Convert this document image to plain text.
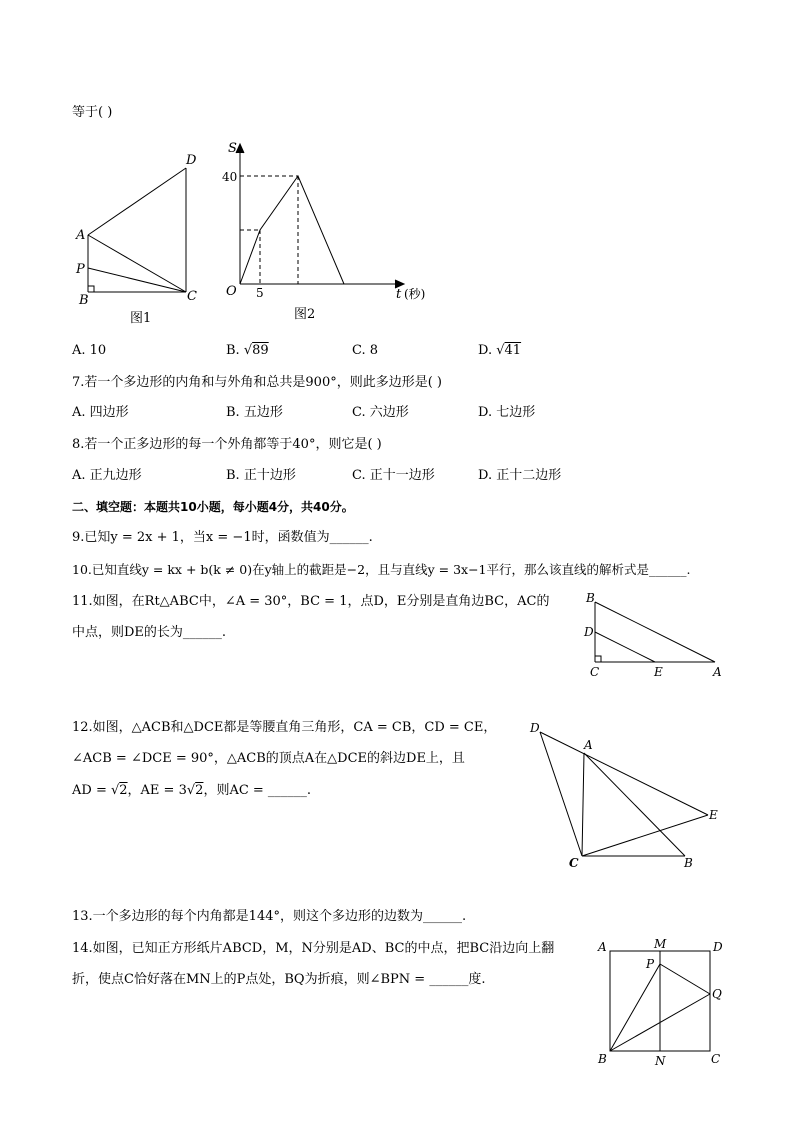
等于( )
D
A
P
B	C
图1
S
40
O 5	t (秒)
图2
A. 10	B. √89	C. 8	D. √41
7.若一个多边形的内角和与外角和总共是900°，则此多边形是( )
A. 四边形	B. 五边形	C. 六边形	D. 七边形
8.若一个正多边形的每一个外角都等于40°，则它是( )
A. 正九边形	B. 正十边形	C. 正十一边形	D. 正十二边形
二、填空题：本题共10小题，每小题4分，共40分。
9.已知y = 2x + 1，当x = −1时，函数值为______.
10.已知直线y = kx + b(k ≠ 0)在y轴上的截距是−2，且与直线y = 3x−1平行，那么该直线的解析式是______.
11.如图，在Rt△ABC中，∠A = 30°，BC = 1，点D，E分别是直角边BC，AC的
中点，则DE的长为______.
B
D
C	E	A
12.如图，△ACB和△DCE都是等腰直角三角形，CA = CB，CD = CE，
∠ACB = ∠DCE = 90°，△ACB的顶点A在△DCE的斜边DE上，且
AD = √2，AE = 3√2，则AC = ______.
D
A
E
C	B
13.一个多边形的每个内角都是144°，则这个多边形的边数为______.
14.如图，已知正方形纸片ABCD，M，N分别是AD、BC的中点，把BC沿边向上翻
折，使点C恰好落在MN上的P点处，BQ为折痕，则∠BPN = ______度.
A	M	D
P
Q
B	N	C
